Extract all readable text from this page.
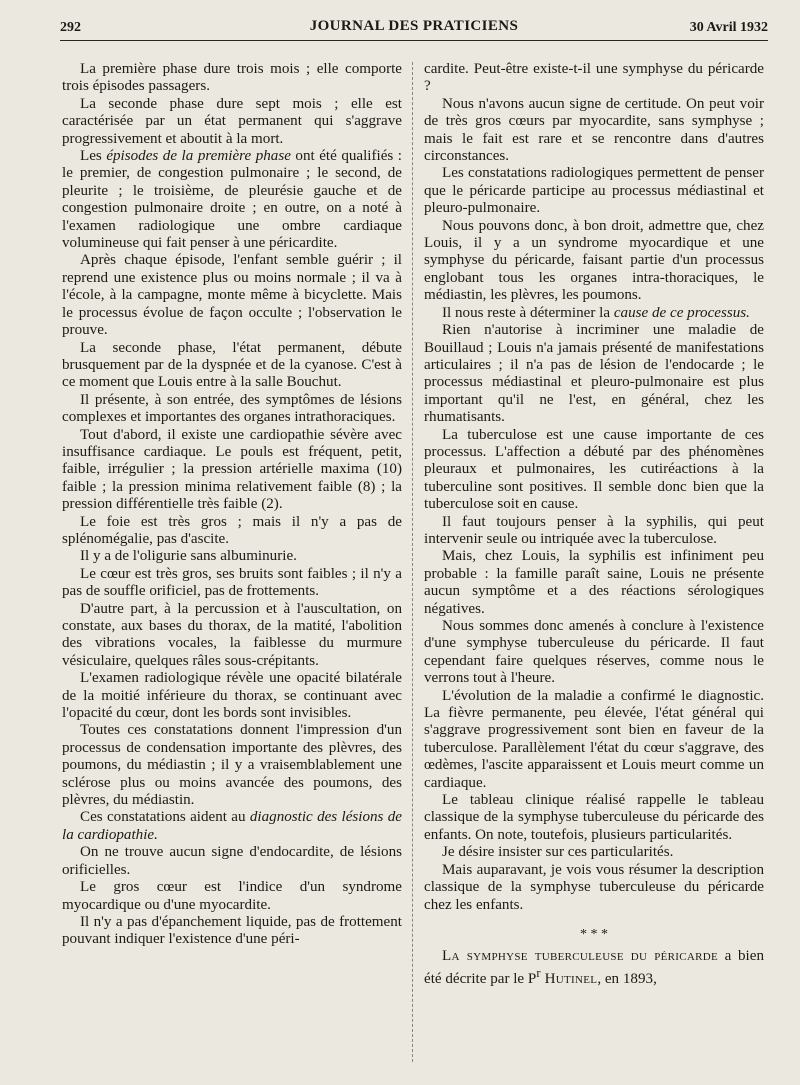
292	JOURNAL DES PRATICIENS	30 Avril 1932

La première phase dure trois mois ; elle comporte trois épisodes passagers.

La seconde phase dure sept mois ; elle est caractérisée par un état permanent qui s'aggrave progressivement et aboutit à la mort.

Les épisodes de la première phase ont été qualifiés : le premier, de congestion pulmonaire ; le second, de pleurite ; le troisième, de pleurésie gauche et de congestion pulmonaire droite ; en outre, on a noté à l'examen radiologique une ombre cardiaque volumineuse qui fait penser à une péricardite.

Après chaque épisode, l'enfant semble guérir ; il reprend une existence plus ou moins normale ; il va à l'école, à la campagne, monte même à bicyclette. Mais le processus évolue de façon occulte ; l'observation le prouve.

La seconde phase, l'état permanent, débute brusquement par de la dyspnée et de la cyanose. C'est à ce moment que Louis entre à la salle Bouchut.

Il présente, à son entrée, des symptômes de lésions complexes et importantes des organes intrathoraciques.

Tout d'abord, il existe une cardiopathie sévère avec insuffisance cardiaque. Le pouls est fréquent, petit, faible, irrégulier ; la pression artérielle maxima (10) faible ; la pression minima relativement faible (8) ; la pression différentielle très faible (2).

Le foie est très gros ; mais il n'y a pas de splénomégalie, pas d'ascite.

Il y a de l'oligurie sans albuminurie.

Le cœur est très gros, ses bruits sont faibles ; il n'y a pas de souffle orificiel, pas de frottements.

D'autre part, à la percussion et à l'auscultation, on constate, aux bases du thorax, de la matité, l'abolition des vibrations vocales, la faiblesse du murmure vésiculaire, quelques râles sous-crépitants.

L'examen radiologique révèle une opacité bilatérale de la moitié inférieure du thorax, se continuant avec l'opacité du cœur, dont les bords sont invisibles.

Toutes ces constatations donnent l'impression d'un processus de condensation importante des plèvres, des poumons, du médiastin ; il y a vraisemblablement une sclérose plus ou moins avancée des poumons, des plèvres, du médiastin.

Ces constatations aident au diagnostic des lésions de la cardiopathie.

On ne trouve aucun signe d'endocardite, de lésions orificielles.

Le gros cœur est l'indice d'un syndrome myocardique ou d'une myocardite.

Il n'y a pas d'épanchement liquide, pas de frottement pouvant indiquer l'existence d'une péri-

cardite. Peut-être existe-t-il une symphyse du péricarde ?

Nous n'avons aucun signe de certitude. On peut voir de très gros cœurs par myocardite, sans symphyse ; mais le fait est rare et se rencontre dans d'autres circonstances.

Les constatations radiologiques permettent de penser que le péricarde participe au processus médiastinal et pleuro-pulmonaire.

Nous pouvons donc, à bon droit, admettre que, chez Louis, il y a un syndrome myocardique et une symphyse du péricarde, faisant partie d'un processus englobant tous les organes intra-thoraciques, le médiastin, les plèvres, les poumons.

Il nous reste à déterminer la cause de ce processus.

Rien n'autorise à incriminer une maladie de Bouillaud ; Louis n'a jamais présenté de manifestations articulaires ; il n'a pas de lésion de l'endocarde ; le processus médiastinal et pleuro-pulmonaire est plus important qu'il ne l'est, en général, chez les rhumatisants.

La tuberculose est une cause importante de ces processus. L'affection a débuté par des phénomènes pleuraux et pulmonaires, les cutiréactions à la tuberculine sont positives. Il semble donc bien que la tuberculose soit en cause.

Il faut toujours penser à la syphilis, qui peut intervenir seule ou intriquée avec la tuberculose.

Mais, chez Louis, la syphilis est infiniment peu probable : la famille paraît saine, Louis ne présente aucun symptôme et a des réactions sérologiques négatives.

Nous sommes donc amenés à conclure à l'existence d'une symphyse tuberculeuse du péricarde. Il faut cependant faire quelques réserves, comme nous le verrons tout à l'heure.

L'évolution de la maladie a confirmé le diagnostic. La fièvre permanente, peu élevée, l'état général qui s'aggrave progressivement sont bien en faveur de la tuberculose. Parallèlement l'état du cœur s'aggrave, des œdèmes, l'ascite apparaissent et Louis meurt comme un cardiaque.

Le tableau clinique réalisé rappelle le tableau classique de la symphyse tuberculeuse du péricarde des enfants. On note, toutefois, plusieurs particularités.

Je désire insister sur ces particularités.

Mais auparavant, je vois vous résumer la description classique de la symphyse tuberculeuse du péricarde chez les enfants.

* * *

La symphyse tuberculeuse du péricarde a bien été décrite par le $P^r$ Hutinel, en 1893,
